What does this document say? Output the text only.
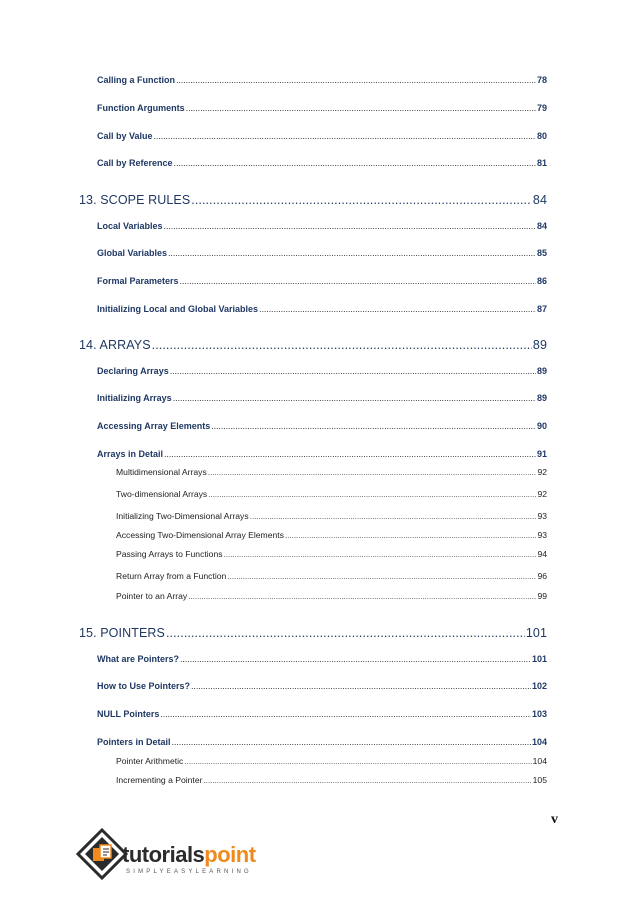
Calling a Function .....	78
Function Arguments .....	79
Call by Value .....	80
Call by Reference .....	81
13. SCOPE RULES .....	84
Local Variables .....	84
Global Variables .....	85
Formal Parameters .....	86
Initializing Local and Global Variables .....	87
14. ARRAYS .....	89
Declaring Arrays .....	89
Initializing Arrays .....	89
Accessing Array Elements .....	90
Arrays in Detail .....	91
Multidimensional Arrays .....	92
Two-dimensional Arrays .....	92
Initializing Two-Dimensional Arrays .....	93
Accessing Two-Dimensional Array Elements .....	93
Passing Arrays to Functions .....	94
Return Array from a Function .....	96
Pointer to an Array .....	99
15. POINTERS .....	101
What are Pointers? .....	101
How to Use Pointers? .....	102
NULL Pointers .....	103
Pointers in Detail .....	104
Pointer Arithmetic .....	104
Incrementing a Pointer .....	105
v
tutorialspoint
SIMPLYEASYLEARNING
